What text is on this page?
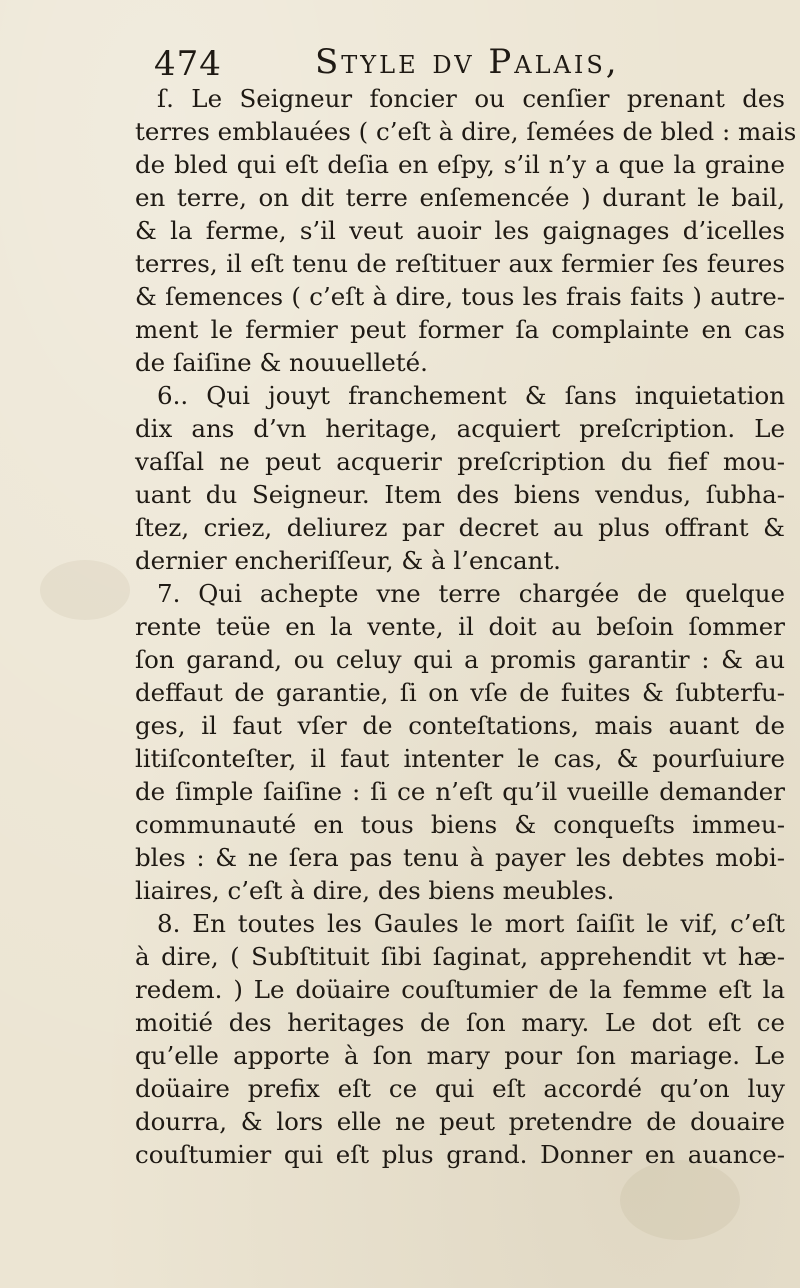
474	Style dv Palais,
ſ. Le Seigneur foncier ou cenſier prenant des
terres emblauées ( c’eſt à dire, ſemées de bled : mais
de bled qui eſt deſia en eſpy, s’il n’y a que la graine
en terre, on dit terre enſemencée ) durant le bail,
& la ferme, s’il veut auoir les gaignages d’icelles
terres, il eſt tenu de reſtituer aux fermier ſes feures
& ſemences ( c’eſt à dire, tous les frais faits ) autre-
ment le fermier peut former ſa complainte en cas
de ſaiſine & nouuelleté.
6.. Qui jouyt franchement & ſans inquietation
dix ans d’vn heritage, acquiert preſcription. Le
vaſſal ne peut acquerir preſcription du fief mou-
uant du Seigneur. Item des biens vendus, ſubha-
ſtez, criez, deliurez par decret au plus offrant &
dernier encheriſſeur, & à l’encant.
7. Qui achepte vne terre chargée de quelque
rente teüe en la vente, il doit au beſoin ſommer
ſon garand, ou celuy qui a promis garantir : & au
deffaut de garantie, ſi on vſe de fuites & ſubterfu-
ges, il faut vſer de conteſtations, mais auant de
litiſconteſter, il faut intenter le cas, & pourſuiure
de ſimple ſaiſine : ſi ce n’eſt qu’il vueille demander
communauté en tous biens & conqueſts immeu-
bles : & ne ſera pas tenu à payer les debtes mobi-
liaires, c’eſt à dire, des biens meubles.
8. En toutes les Gaules le mort ſaiſit le vif, c’eſt
à dire, ( Subſtituit ſibi ſaginat, apprehendit vt hæ-
redem. ) Le doüaire couſtumier de la femme eſt la
moitié des heritages de ſon mary. Le dot eſt ce
qu’elle apporte à ſon mary pour ſon mariage. Le
doüaire prefix eſt ce qui eſt accordé qu’on luy
dourra, & lors elle ne peut pretendre de douaire
couſtumier qui eſt plus grand. Donner en auance-
